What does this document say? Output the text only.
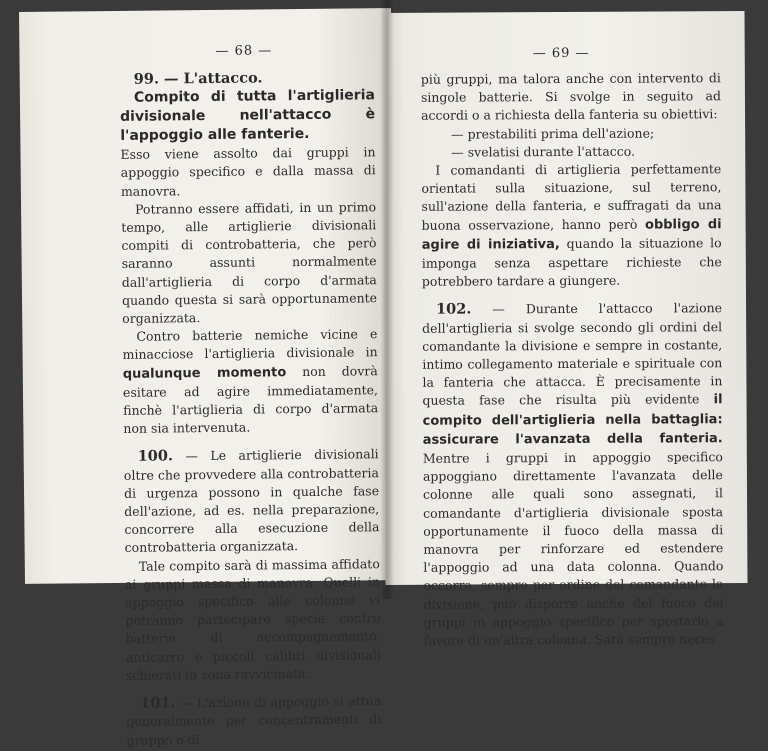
— 68 —

99. — L'attacco.

Compito di tutta l'artiglieria divisionale nell'attacco è l'appoggio alle fanterie.

Esso viene assolto dai gruppi in appoggio specifico e dalla massa di manovra.

Potranno essere affidati, in un primo tempo, alle artiglierie divisionali compiti di controbatteria, che però saranno assunti normalmente dall'artiglieria di corpo d'armata quando questa si sarà opportunamente organizzata.

Contro batterie nemiche vicine e minacciose l'artiglieria divisionale in qualunque momento non dovrà esitare ad agire immediatamente, finchè l'artiglieria di corpo d'armata non sia intervenuta.

100. — Le artiglierie divisionali oltre che provvedere alla controbatteria di urgenza possono in qualche fase dell'azione, ad es. nella preparazione, concorrere alla esecuzione della controbatteria organizzata.

Tale compito sarà di massima affidato ai gruppi massa di manovra. Quelli in appoggio specifico alle colonne vi potranno partecipare specie contro batterie di accompagnamento, anticarro e piccoli calibri divisionali schierati in zona ravvicinata.

101. — L'azione di appoggio si attua generalmente per concentramenti di gruppo o di

— 69 —

più gruppi, ma talora anche con intervento di singole batterie. Si svolge in seguito ad accordi o a richiesta della fanteria su obiettivi:

— prestabiliti prima dell'azione;

— svelatisi durante l'attacco.

I comandanti di artiglieria perfettamente orientati sulla situazione, sul terreno, sull'azione della fanteria, e suffragati da una buona osservazione, hanno però obbligo di agire di iniziativa, quando la situazione lo imponga senza aspettare richieste che potrebbero tardare a giungere.

102. — Durante l'attacco l'azione dell'artiglieria si svolge secondo gli ordini del comandante la divisione e sempre in costante, intimo collegamento materiale e spirituale con la fanteria che attacca. È precisamente in questa fase che risulta più evidente il compito dell'artiglieria nella battaglia: assicurare l'avanzata della fanteria. Mentre i gruppi in appoggio specifico appoggiano direttamente l'avanzata delle colonne alle quali sono assegnati, il comandante d'artiglieria divisionale sposta opportunamente il fuoco della massa di manovra per rinforzare ed estendere l'appoggio ad una data colonna. Quando occorra, sempre per ordine del comandante la divisione, può disporre anche del fuoco dei gruppi in appoggio specifico per spostarlo a favore di un'altra colonna. Sarà sempre neces
